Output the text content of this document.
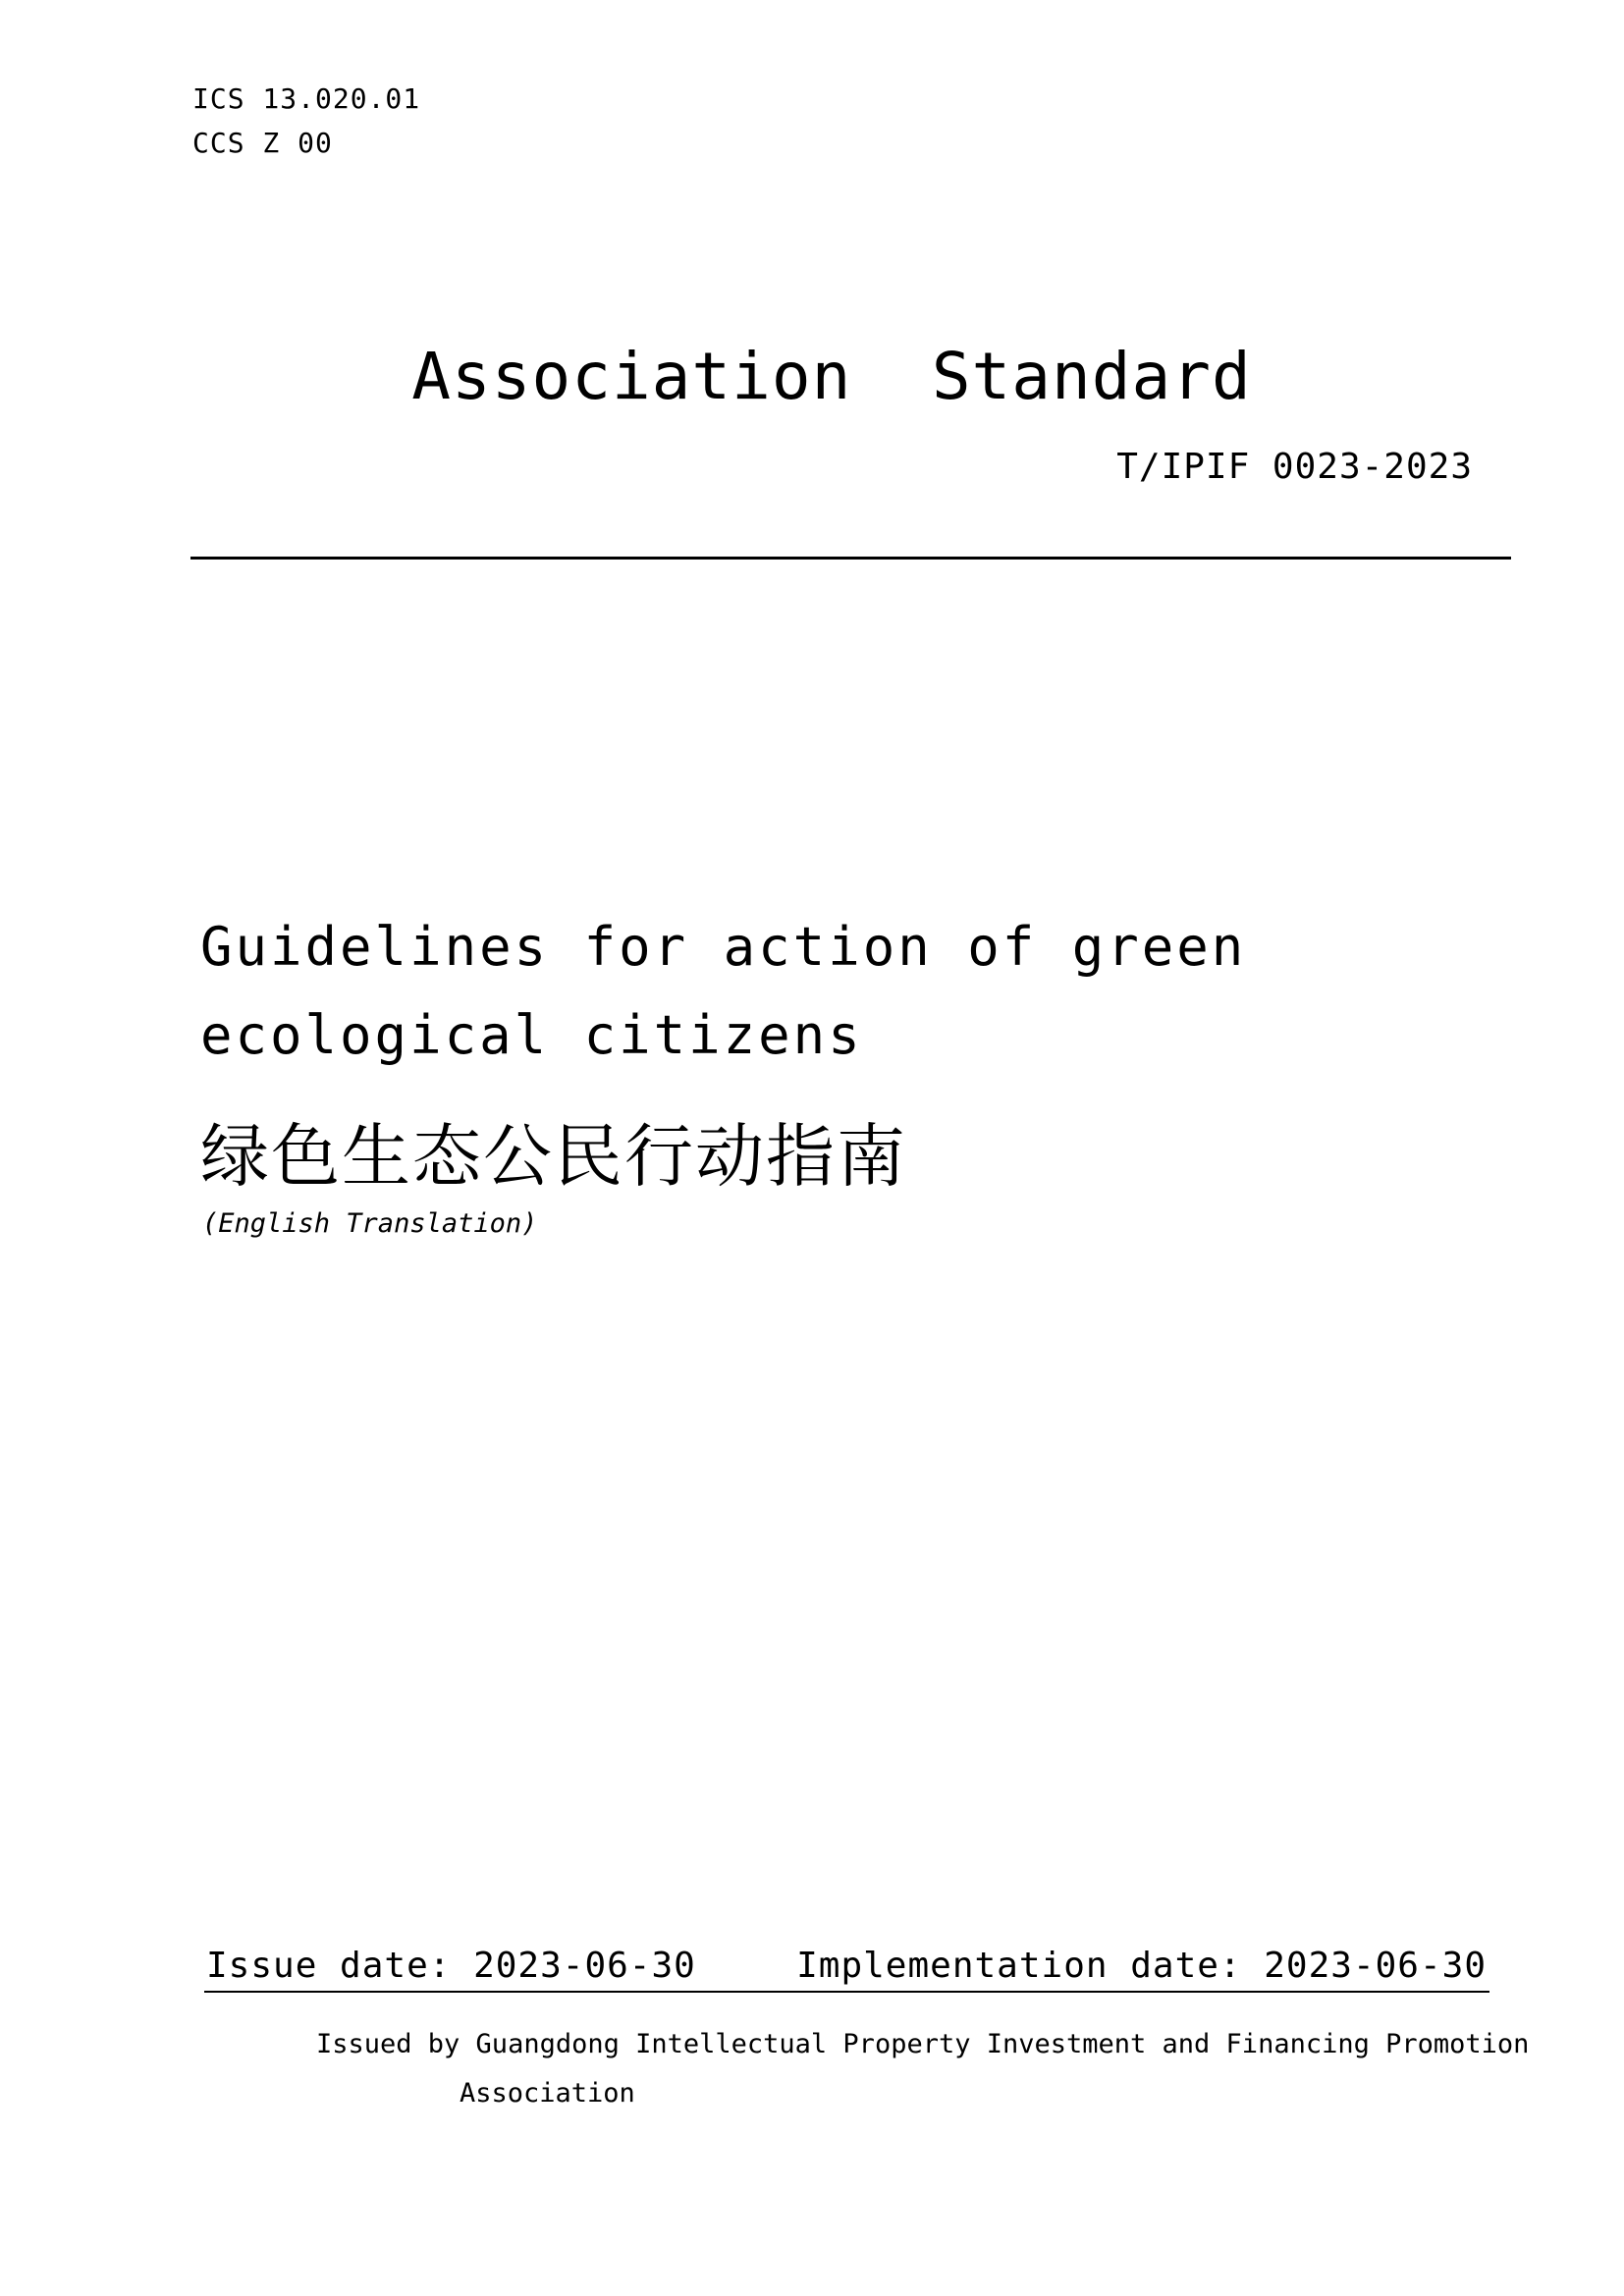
ICS 13.020.01
CCS Z 00
Association  Standard
T/IPIF 0023-2023
Guidelines for action of green ecological citizens
绿色生态公民行动指南
(English Translation)
Issue date: 2023-06-30	Implementation date: 2023-06-30
Issued by Guangdong Intellectual Property Investment and Financing Promotion
Association
